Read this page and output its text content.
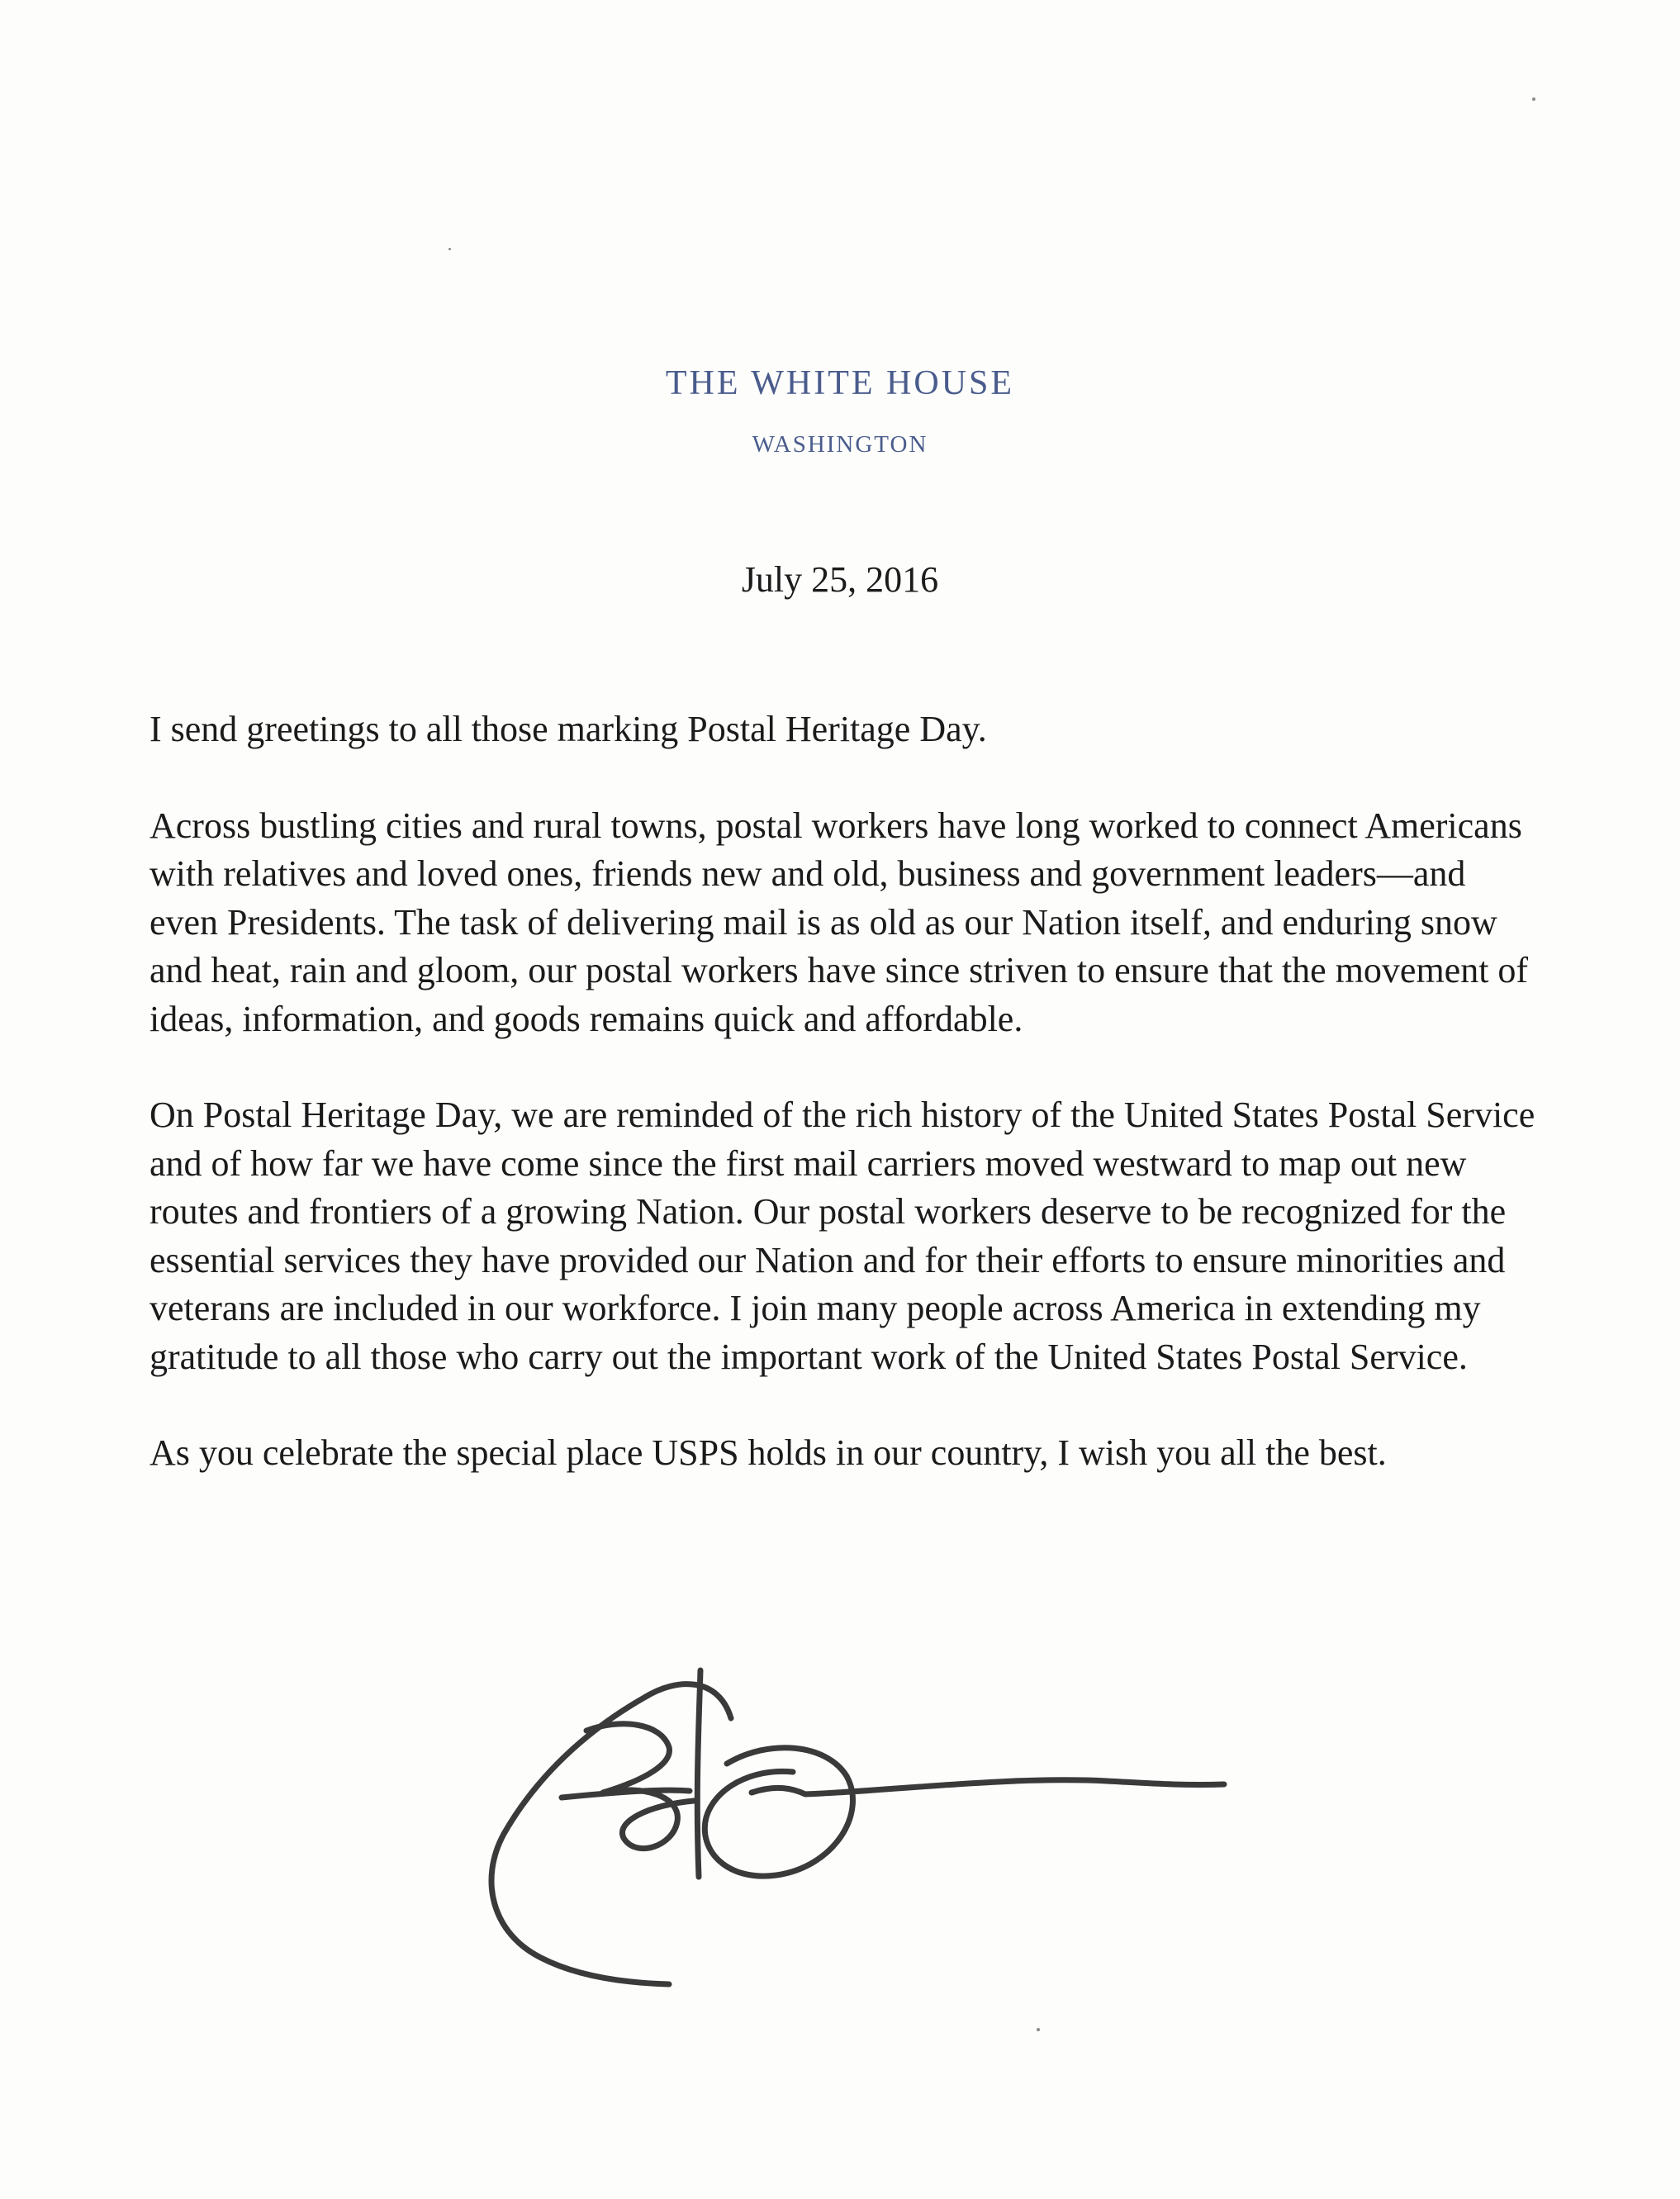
THE WHITE HOUSE
WASHINGTON
July 25, 2016

I send greetings to all those marking Postal Heritage Day.

Across bustling cities and rural towns, postal workers have long worked to connect Americans with relatives and loved ones, friends new and old, business and government leaders—and even Presidents. The task of delivering mail is as old as our Nation itself, and enduring snow and heat, rain and gloom, our postal workers have since striven to ensure that the movement of ideas, information, and goods remains quick and affordable.

On Postal Heritage Day, we are reminded of the rich history of the United States Postal Service and of how far we have come since the first mail carriers moved westward to map out new routes and frontiers of a growing Nation. Our postal workers deserve to be recognized for the essential services they have provided our Nation and for their efforts to ensure minorities and veterans are included in our workforce. I join many people across America in extending my gratitude to all those who carry out the important work of the United States Postal Service.

As you celebrate the special place USPS holds in our country, I wish you all the best.
